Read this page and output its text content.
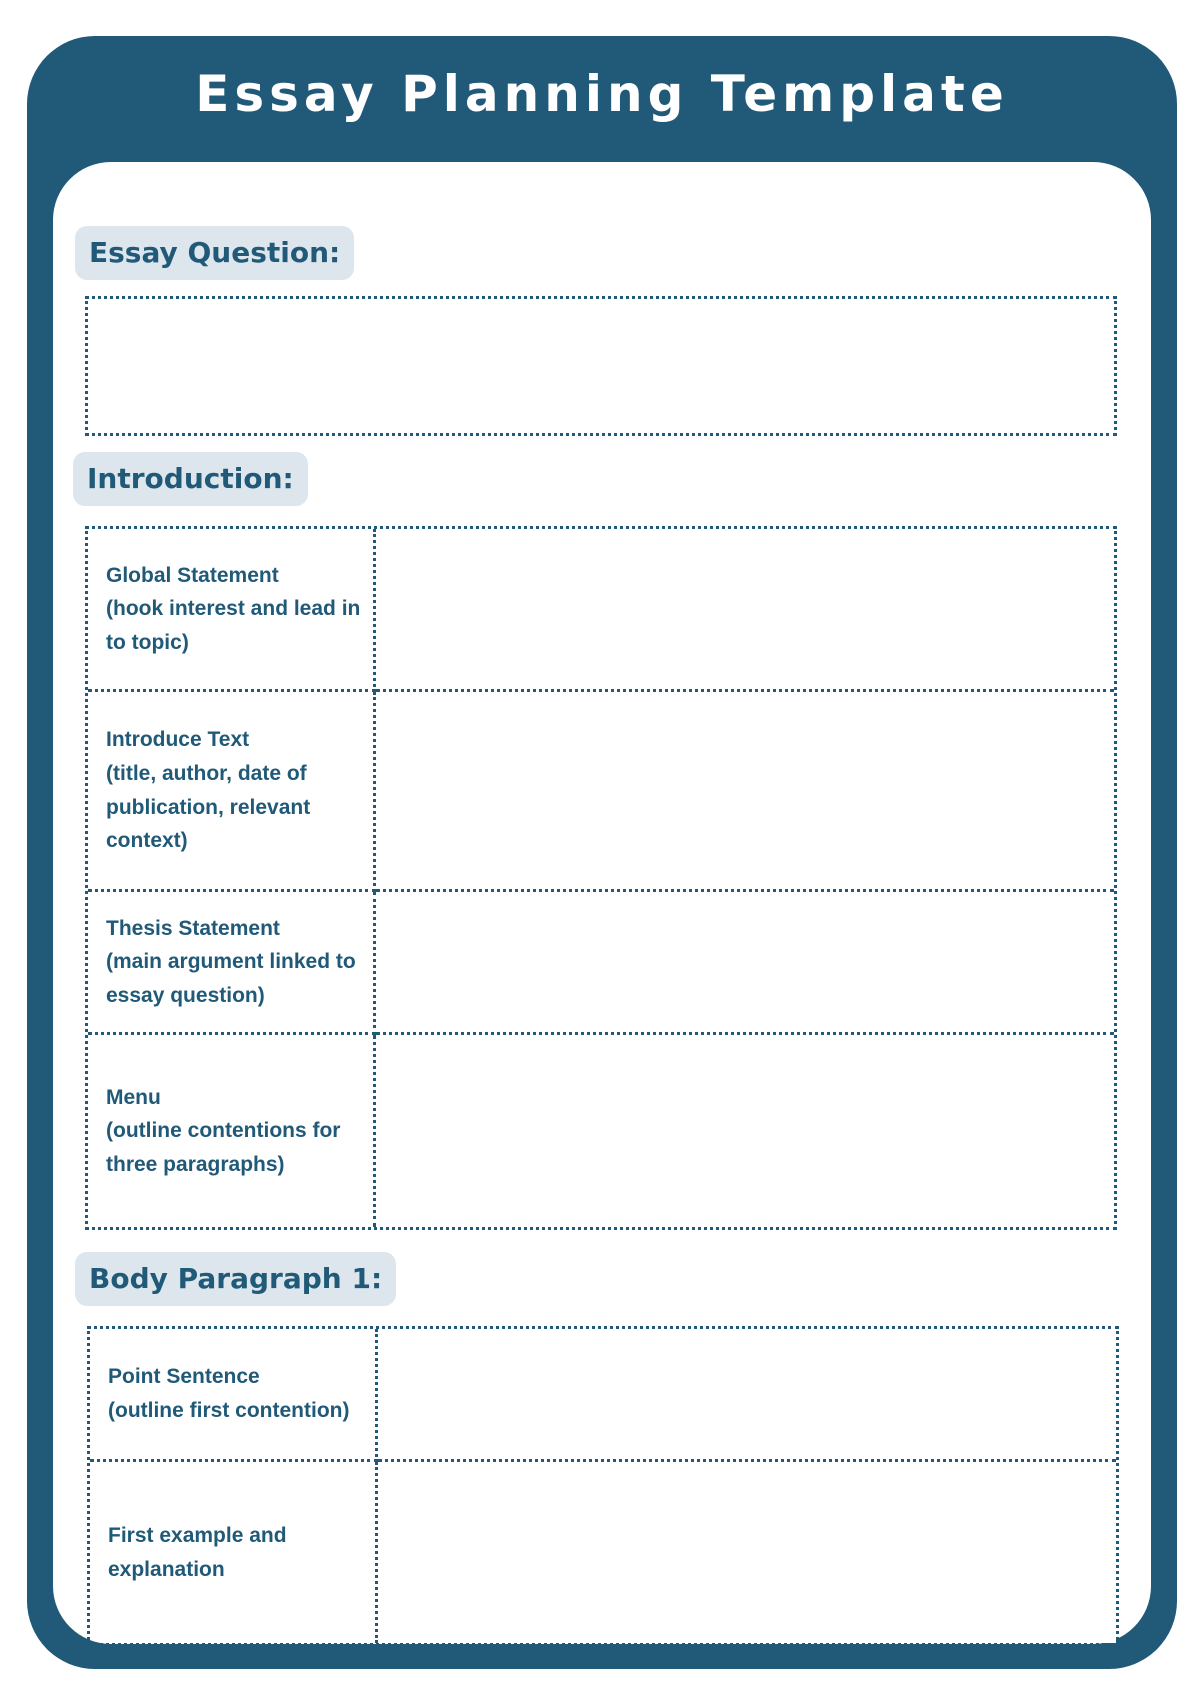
Essay Planning Template
Essay Question:
Introduction:
Global Statement
(hook interest and lead in to topic)
Introduce Text
(title, author, date of publication, relevant context)
Thesis Statement
(main argument linked to essay question)
Menu
(outline contentions for three paragraphs)
Body Paragraph 1:
Point Sentence
(outline first contention)
First example and explanation
